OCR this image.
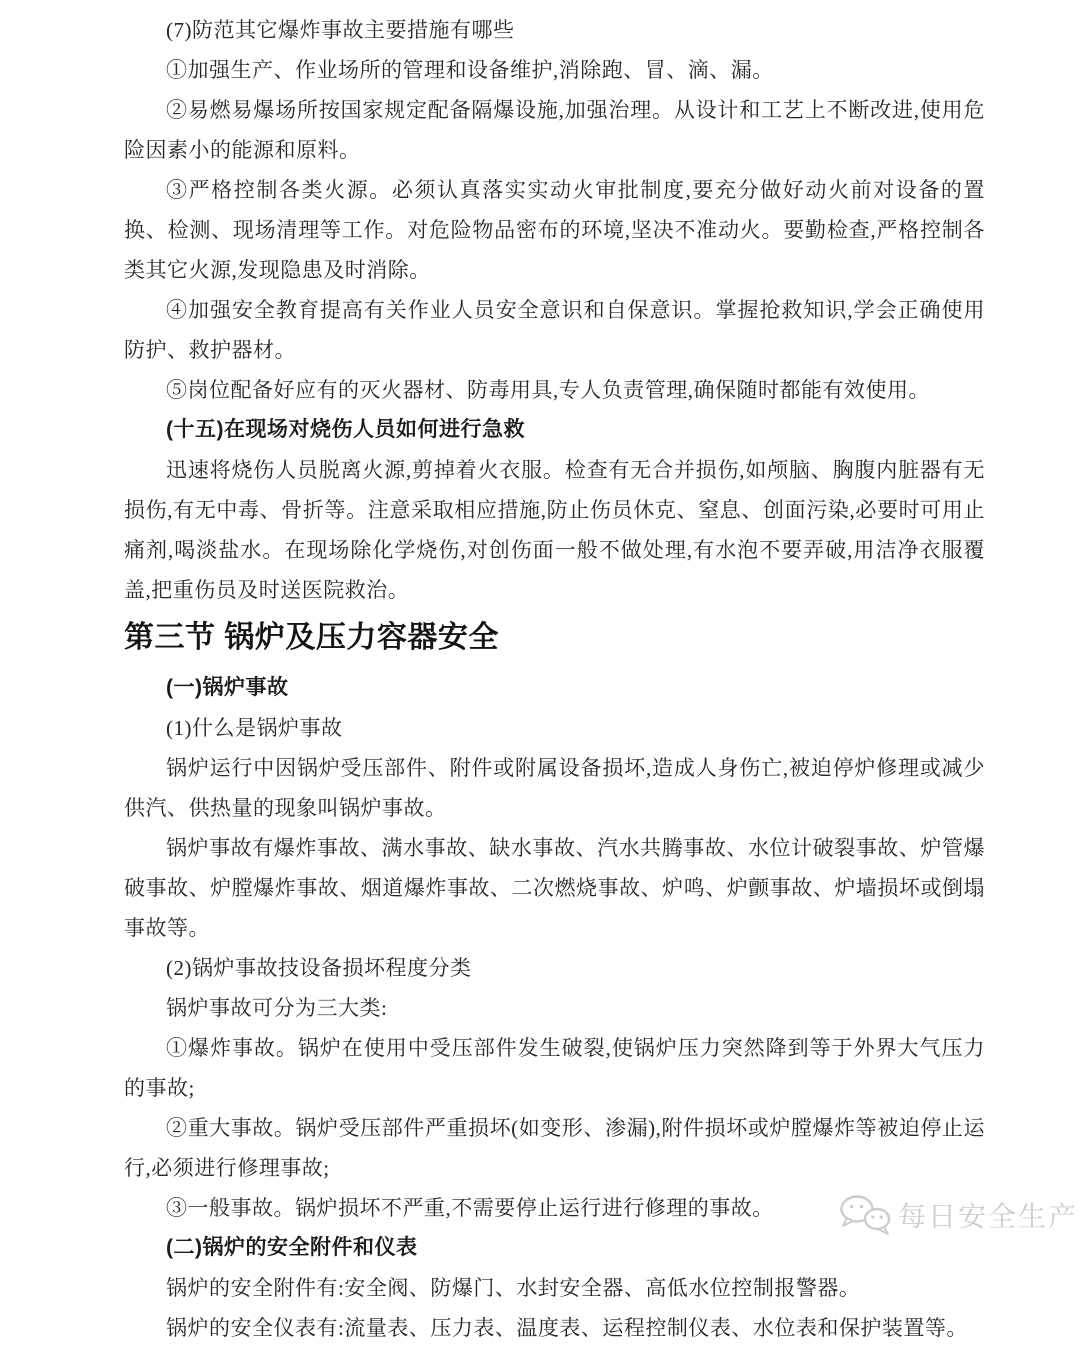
(7)防范其它爆炸事故主要措施有哪些

①加强生产、作业场所的管理和设备维护,消除跑、冒、滴、漏。

②易燃易爆场所按国家规定配备隔爆设施,加强治理。从设计和工艺上不断改进,使用危险因素小的能源和原料。

③严格控制各类火源。必须认真落实实动火审批制度,要充分做好动火前对设备的置换、检测、现场清理等工作。对危险物品密布的环境,坚决不准动火。要勤检查,严格控制各类其它火源,发现隐患及时消除。

④加强安全教育提高有关作业人员安全意识和自保意识。掌握抢救知识,学会正确使用防护、救护器材。

⑤岗位配备好应有的灭火器材、防毒用具,专人负责管理,确保随时都能有效使用。

(十五)在现场对烧伤人员如何进行急救

迅速将烧伤人员脱离火源,剪掉着火衣服。检查有无合并损伤,如颅脑、胸腹内脏器有无损伤,有无中毒、骨折等。注意采取相应措施,防止伤员休克、窒息、创面污染,必要时可用止痛剂,喝淡盐水。在现场除化学烧伤,对创伤面一般不做处理,有水泡不要弄破,用洁净衣服覆盖,把重伤员及时送医院救治。

第三节 锅炉及压力容器安全

(一)锅炉事故

(1)什么是锅炉事故

锅炉运行中因锅炉受压部件、附件或附属设备损坏,造成人身伤亡,被迫停炉修理或减少供汽、供热量的现象叫锅炉事故。

锅炉事故有爆炸事故、满水事故、缺水事故、汽水共腾事故、水位计破裂事故、炉管爆破事故、炉膛爆炸事故、烟道爆炸事故、二次燃烧事故、炉鸣、炉颤事故、炉墙损坏或倒塌事故等。

(2)锅炉事故技设备损坏程度分类

锅炉事故可分为三大类:

①爆炸事故。锅炉在使用中受压部件发生破裂,使锅炉压力突然降到等于外界大气压力的事故;

②重大事故。锅炉受压部件严重损坏(如变形、渗漏),附件损坏或炉膛爆炸等被迫停止运行,必须进行修理事故;

③一般事故。锅炉损坏不严重,不需要停止运行进行修理的事故。

(二)锅炉的安全附件和仪表

锅炉的安全附件有:安全阀、防爆门、水封安全器、高低水位控制报警器。

锅炉的安全仪表有:流量表、压力表、温度表、运程控制仪表、水位表和保护装置等。

每日安全生产
